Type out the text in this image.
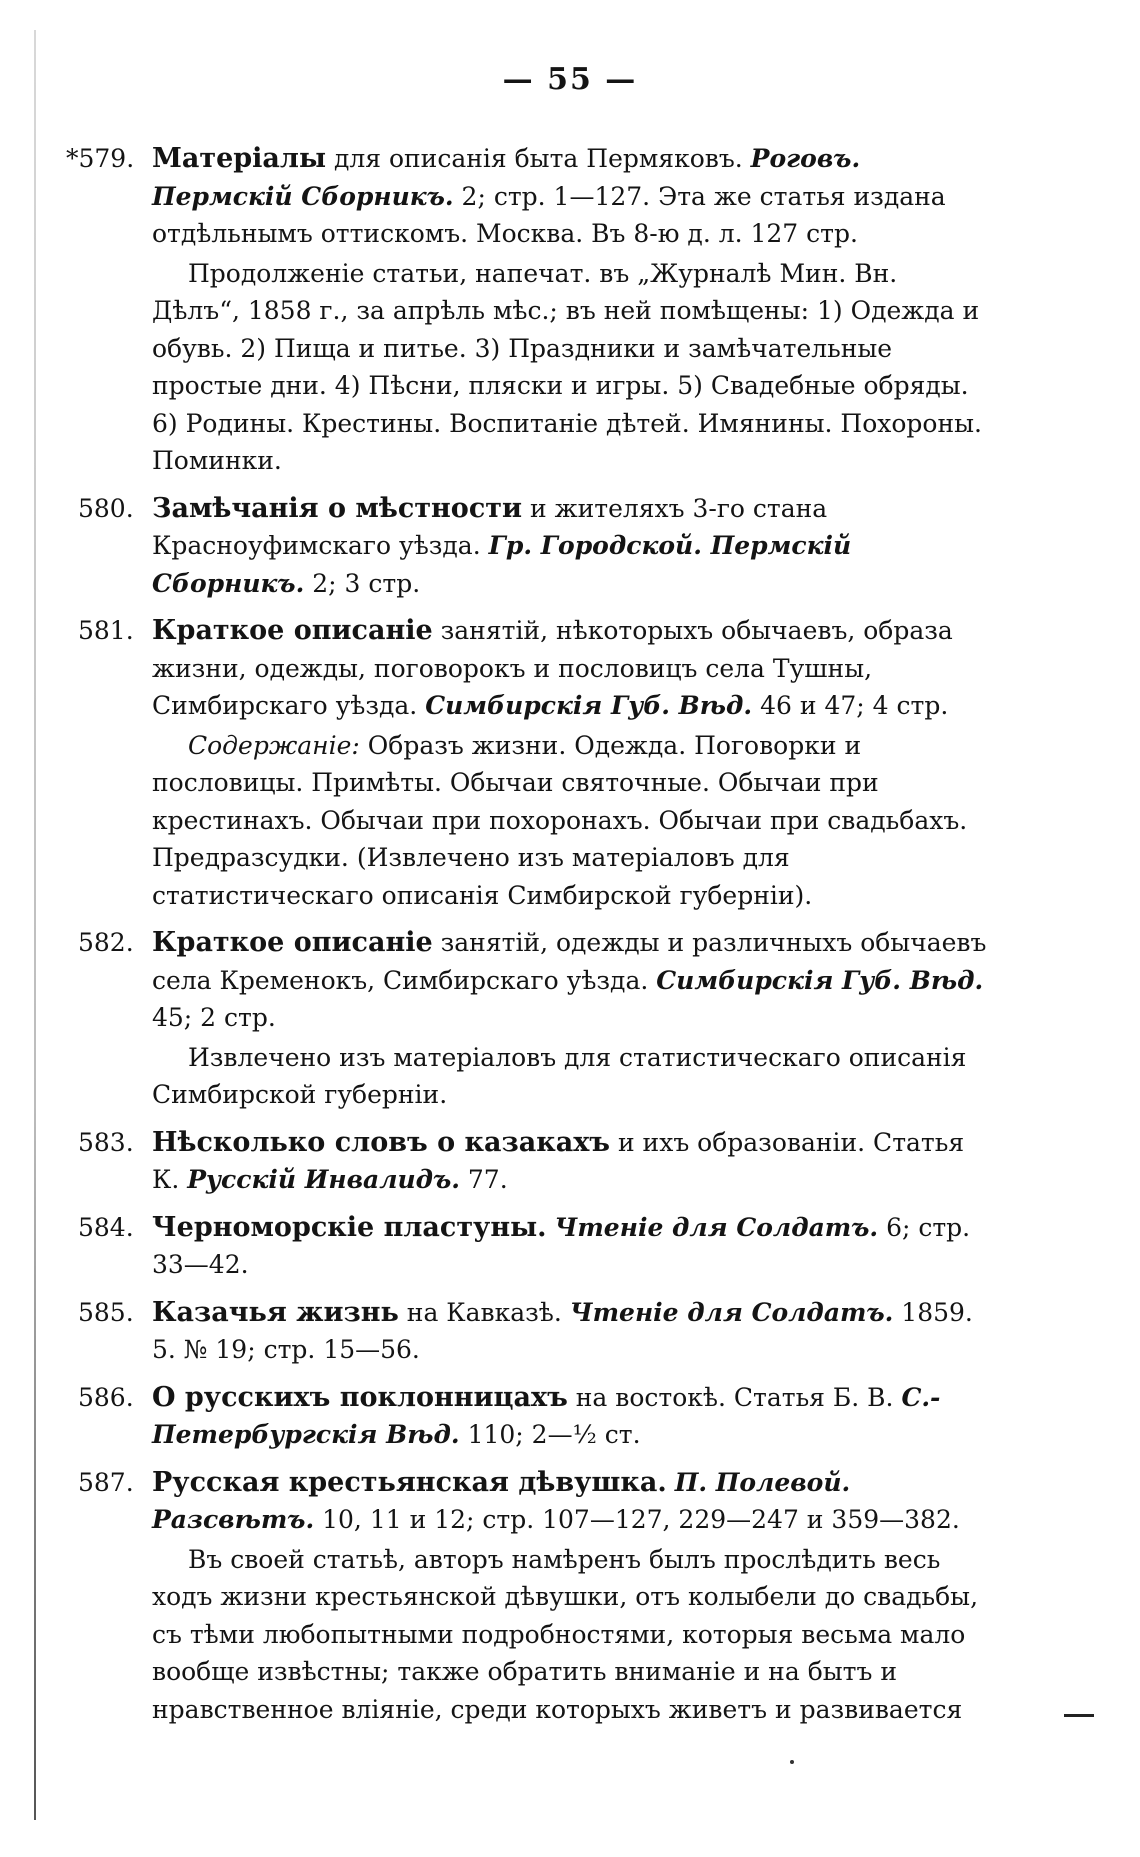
— 55 —
*579. Матеріалы для описанія быта Пермяковъ. Роговъ. Пермскій Сборникъ. 2; стр. 1—127. Эта же статья издана отдѣльнымъ оттискомъ. Москва. Въ 8-ю д. л. 127 стр.
Продолженіе статьи, напечат. въ „Журналѣ Мин. Вн. Дѣлъ“, 1858 г., за апрѣль мѣс.; въ ней помѣщены: 1) Одежда и обувь. 2) Пища и питье. 3) Праздники и замѣчательные простые дни. 4) Пѣсни, пляски и игры. 5) Свадебные обряды. 6) Родины. Крестины. Воспитаніе дѣтей. Имянины. Похороны. Поминки.
580. Замѣчанія о мѣстности и жителяхъ 3-го стана Красноуфимскаго уѣзда. Гр. Городской. Пермскій Сборникъ. 2; 3 стр.
581. Краткое описаніе занятій, нѣкоторыхъ обычаевъ, образа жизни, одежды, поговорокъ и пословицъ села Тушны, Симбирскаго уѣзда. Симбирскія Губ. Вѣд. 46 и 47; 4 стр.
Содержаніе: Образъ жизни. Одежда. Поговорки и пословицы. Примѣты. Обычаи святочные. Обычаи при крестинахъ. Обычаи при похоронахъ. Обычаи при свадьбахъ. Предразсудки. (Извлечено изъ матеріаловъ для статистическаго описанія Симбирской губерніи).
582. Краткое описаніе занятій, одежды и различныхъ обычаевъ села Кременокъ, Симбирскаго уѣзда. Симбирскія Губ. Вѣд. 45; 2 стр.
Извлечено изъ матеріаловъ для статистическаго описанія Симбирской губерніи.
583. Нѣсколько словъ о казакахъ и ихъ образованіи. Статья К. Русскій Инвалидъ. 77.
584. Черноморскіе пластуны. Чтеніе для Солдатъ. 6; стр. 33—42.
585. Казачья жизнь на Кавказѣ. Чтеніе для Солдатъ. 1859. 5. № 19; стр. 15—56.
586. О русскихъ поклонницахъ на востокѣ. Статья Б. В. С.-Петербургскія Вѣд. 110; 2—½ ст.
587. Русская крестьянская дѣвушка. П. Полевой. Разсвѣтъ. 10, 11 и 12; стр. 107—127, 229—247 и 359—382.
Въ своей статьѣ, авторъ намѣренъ былъ прослѣдить весь ходъ жизни крестьянской дѣвушки, отъ колыбели до свадьбы, съ тѣми любопытными подробностями, которыя весьма мало вообще извѣстны; также обратить вниманіе и на бытъ и нравственное вліяніе, среди которыхъ живетъ и развивается
